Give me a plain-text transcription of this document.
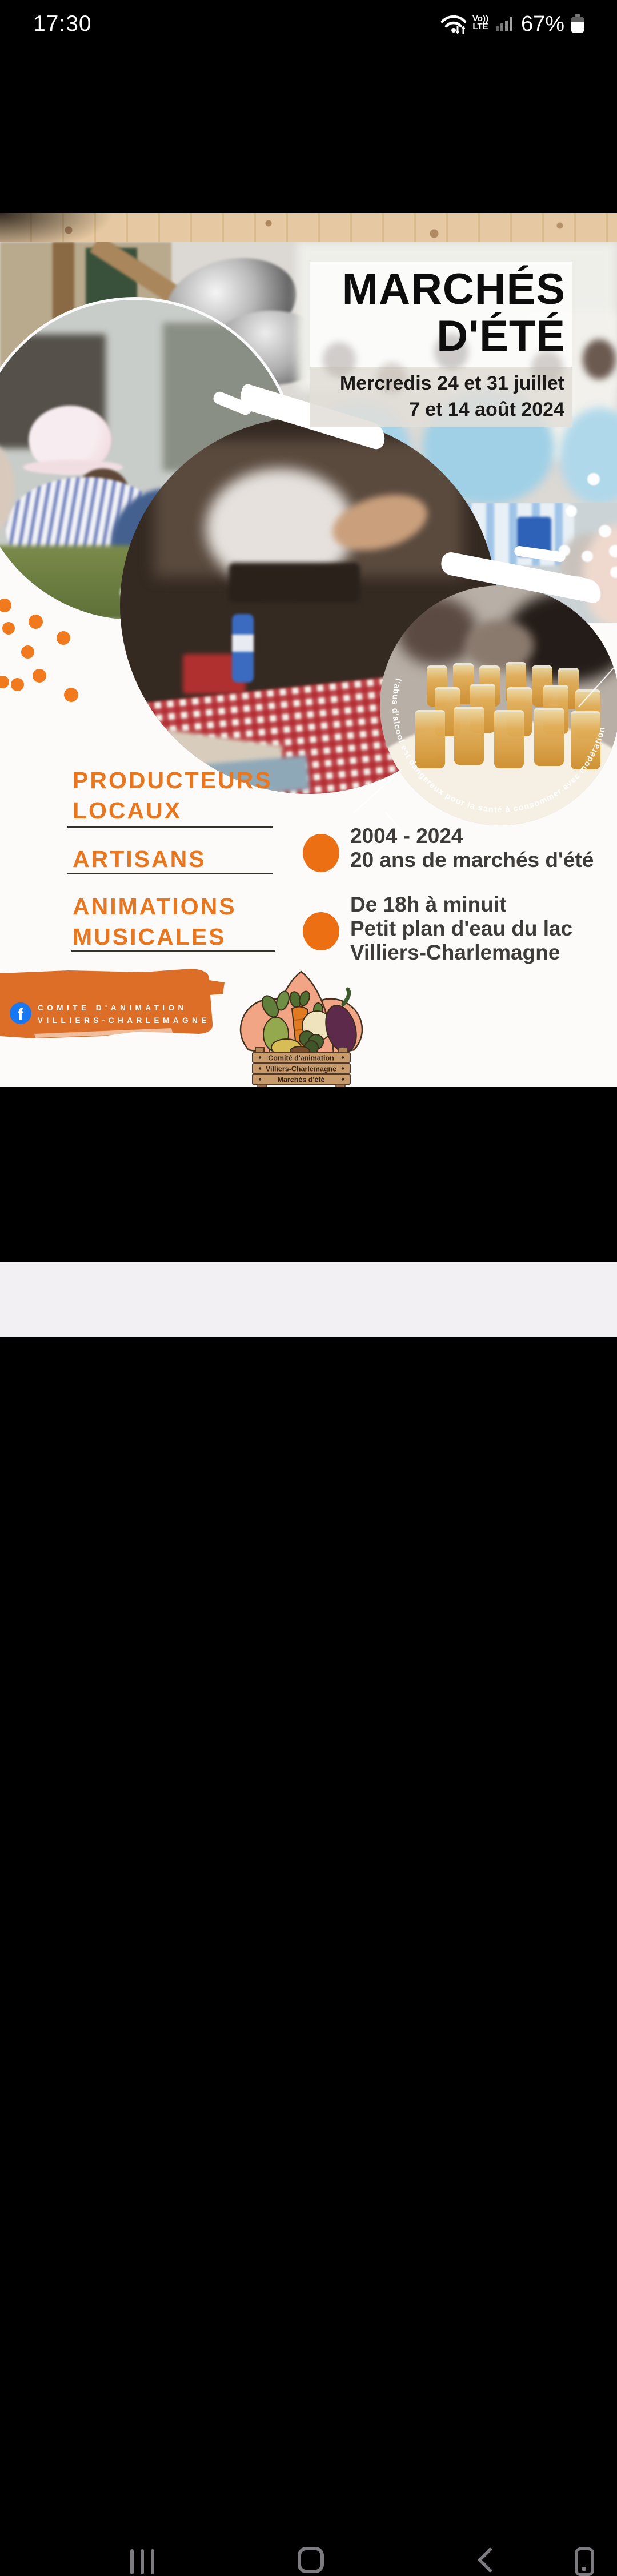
17:30	Vo))
LTE 67%
l'abus d'alcool est dangereux pour la santé à consommer avec modération
MARCHÉS
D'ÉTÉ
Mercredis 24 et 31 juillet
7 et 14 août 2024
PRODUCTEURS
LOCAUX
ARTISANS
ANIMATIONS
MUSICALES
2004 - 2024
20 ans de marchés d'été
De 18h à minuit
Petit plan d'eau du lac
Villiers-Charlemagne
f	COMITE D'ANIMATION
VILLIERS-CHARLEMAGNE
Comité d'animation
Villiers-Charlemagne
Marchés d'été
